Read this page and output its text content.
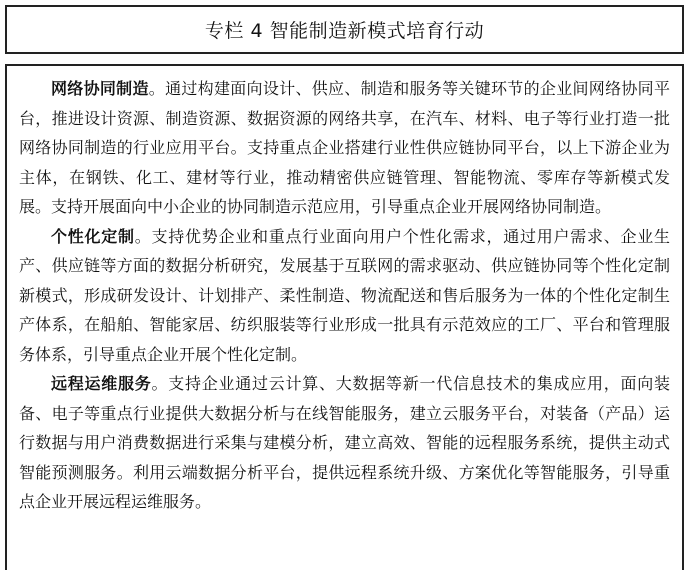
专栏 4 智能制造新模式培育行动

网络协同制造。通过构建面向设计、供应、制造和服务等关键环节的企业间网络协同平台，推进设计资源、制造资源、数据资源的网络共享，在汽车、材料、电子等行业打造一批网络协同制造的行业应用平台。支持重点企业搭建行业性供应链协同平台，以上下游企业为主体，在钢铁、化工、建材等行业，推动精密供应链管理、智能物流、零库存等新模式发展。支持开展面向中小企业的协同制造示范应用，引导重点企业开展网络协同制造。

个性化定制。支持优势企业和重点行业面向用户个性化需求，通过用户需求、企业生产、供应链等方面的数据分析研究，发展基于互联网的需求驱动、供应链协同等个性化定制新模式，形成研发设计、计划排产、柔性制造、物流配送和售后服务为一体的个性化定制生产体系，在船舶、智能家居、纺织服装等行业形成一批具有示范效应的工厂、平台和管理服务体系，引导重点企业开展个性化定制。

远程运维服务。支持企业通过云计算、大数据等新一代信息技术的集成应用，面向装备、电子等重点行业提供大数据分析与在线智能服务，建立云服务平台，对装备（产品）运行数据与用户消费数据进行采集与建模分析，建立高效、智能的远程服务系统，提供主动式智能预测服务。利用云端数据分析平台，提供远程系统升级、方案优化等智能服务，引导重点企业开展远程运维服务。
